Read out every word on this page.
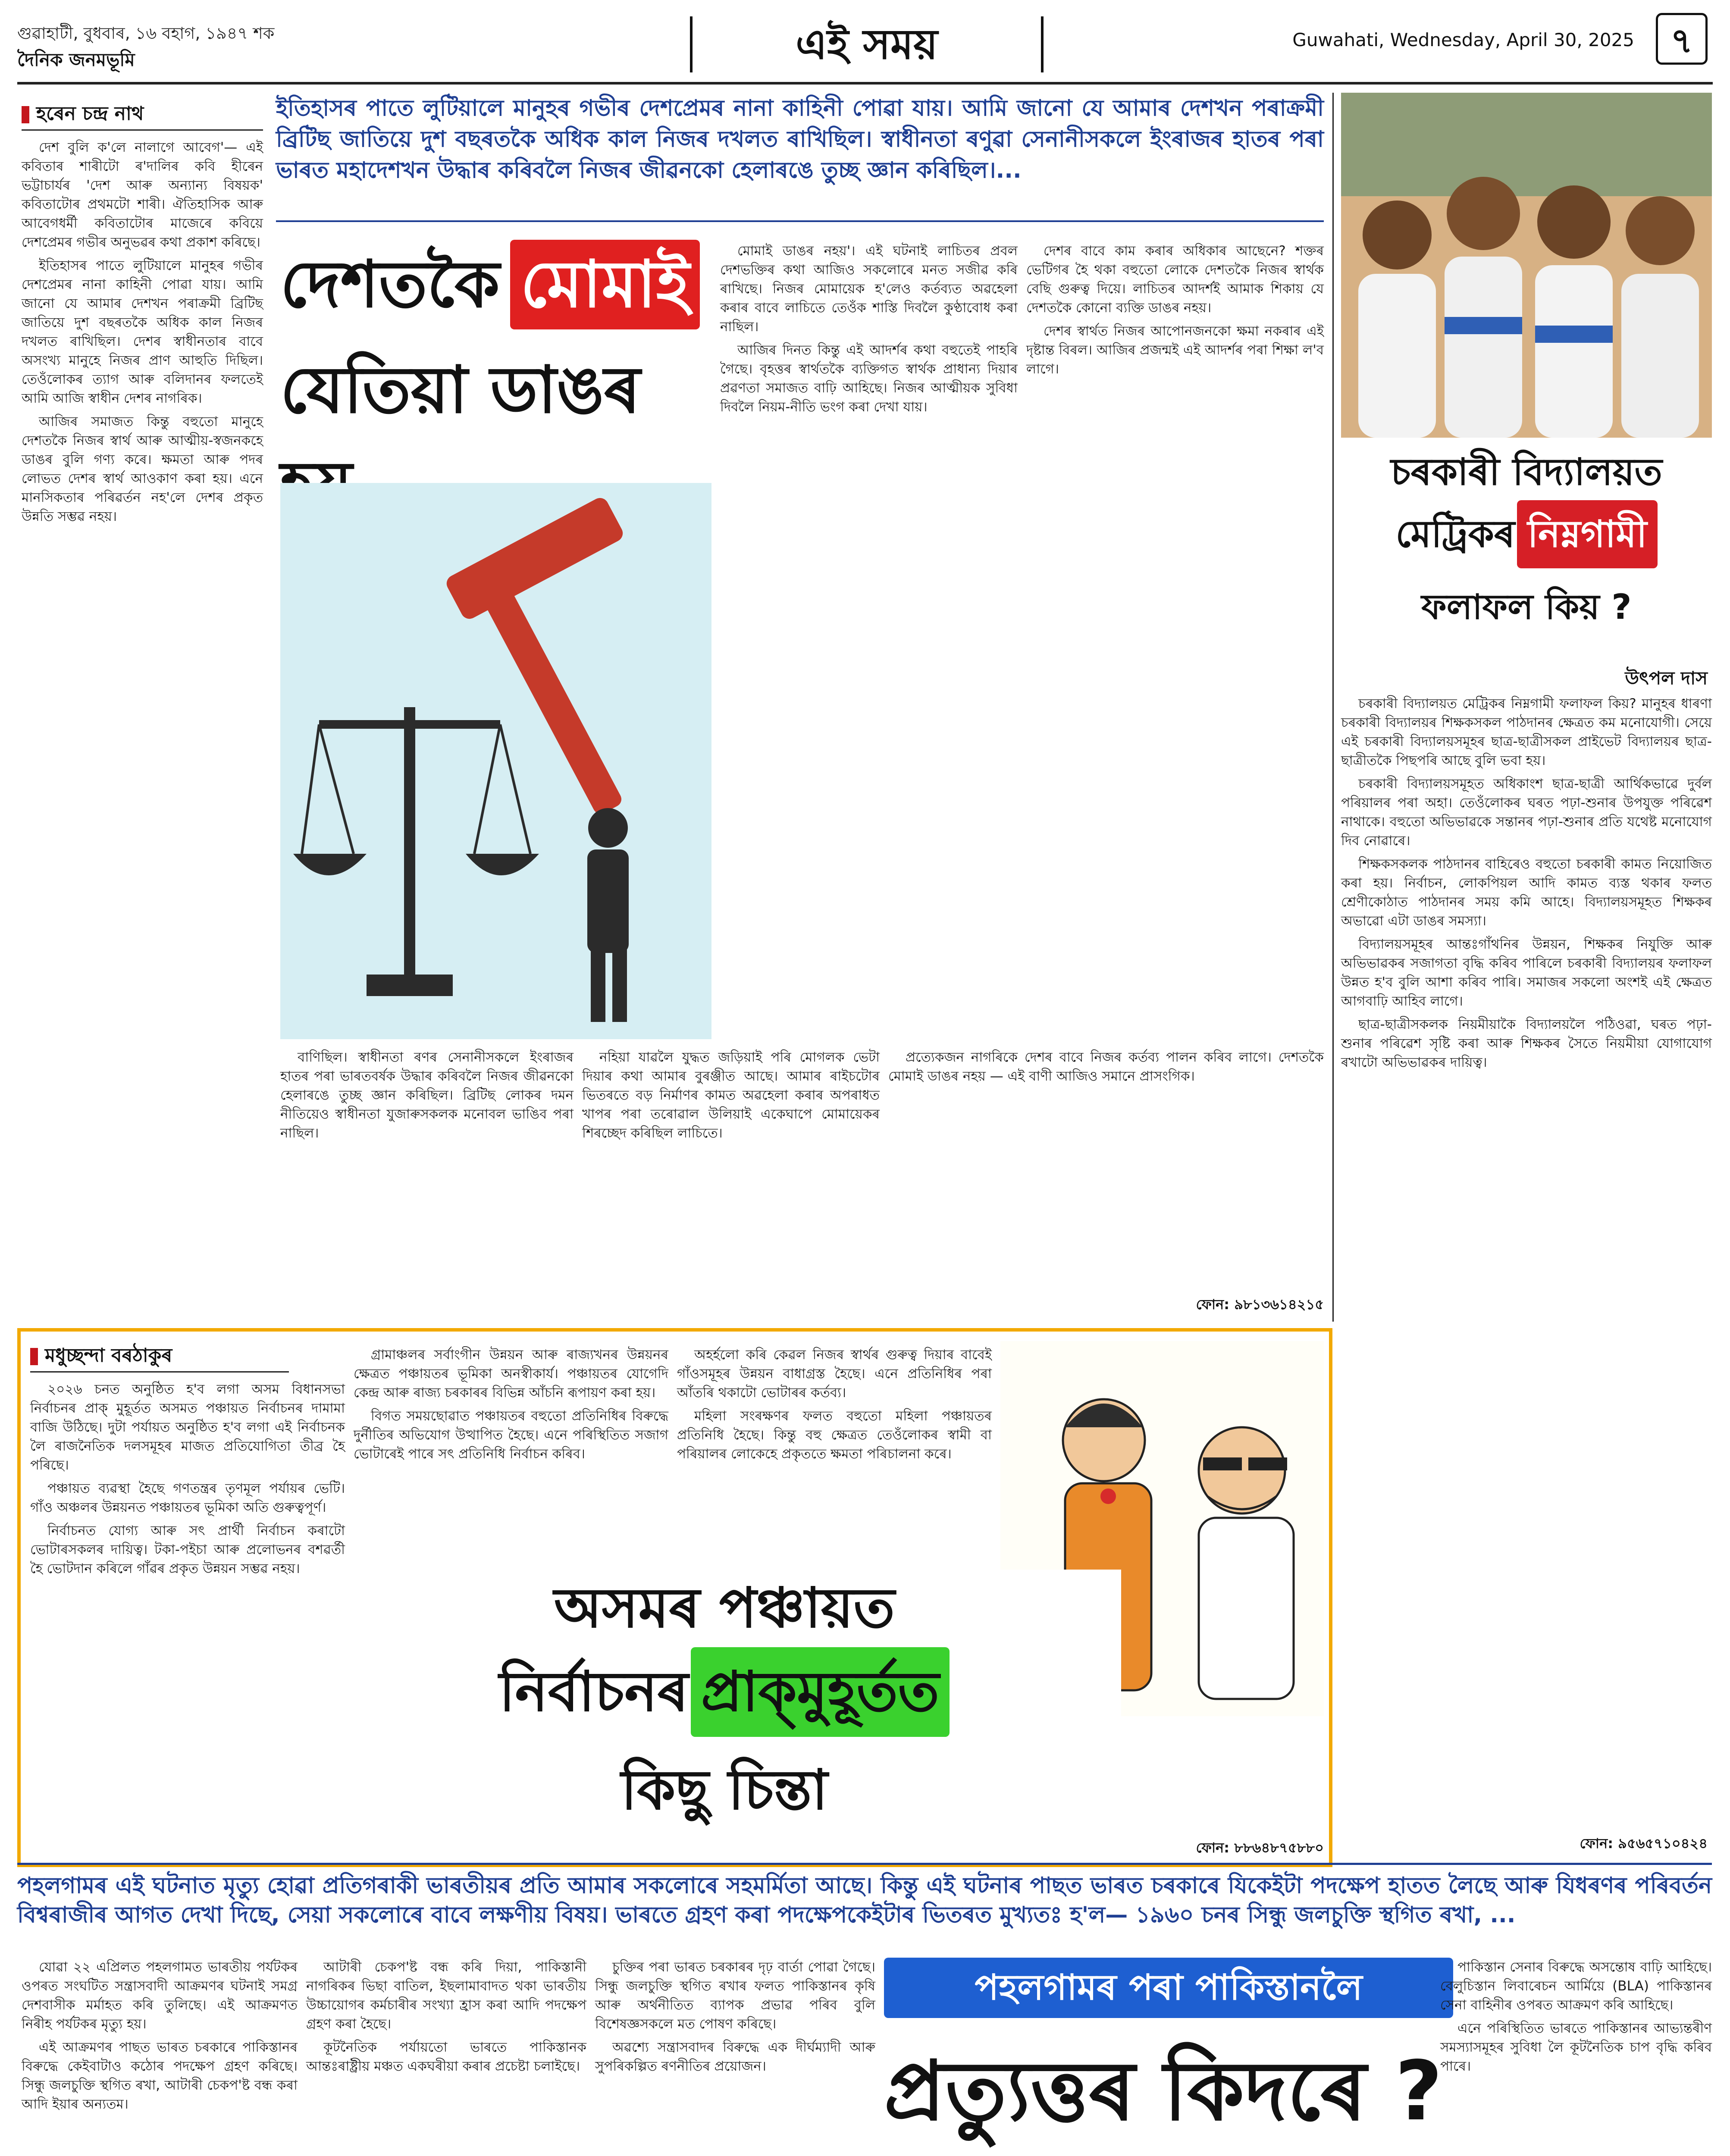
গুৱাহাটী, বুধবাৰ, ১৬ বহাগ, ১৯৪৭ শক
দৈনিক জনমভূমি	এই সময়	Guwahati, Wednesday, April 30, 2025	৭
হৰেন চন্দ্ৰ নাথ	ইতিহাসৰ পাতে লুটিয়ালে মানুহৰ গভীৰ দেশপ্ৰেমৰ নানা কাহিনী পোৱা যায়। আমি জানো যে আমাৰ দেশখন পৰাক্ৰমী ব্ৰিটিছ জাতিয়ে দুশ বছৰতকৈ অধিক কাল নিজৰ দখলত ৰাখিছিল। স্বাধীনতা ৰণুৱা সেনানীসকলে ইংৰাজৰ হাতৰ পৰা ভাৰত মহাদেশখন উদ্ধাৰ কৰিবলৈ নিজৰ জীৱনকো হেলাৰঙে তুচ্ছ জ্ঞান কৰিছিল।...

দেশ বুলি ক'লে নালাগে আবেগ'— এই কবিতাৰ শাৰীটো ৰ'দালিৰ কবি হীৰেন ভট্টাচাৰ্যৰ 'দেশ আৰু অন্যান্য বিষয়ক' কবিতাটোৰ প্ৰথমটো শাৰী। ঐতিহাসিক আৰু আবেগধৰ্মী কবিতাটোৰ মাজেৰে কবিয়ে দেশপ্ৰেমৰ গভীৰ অনুভৱৰ কথা প্ৰকাশ কৰিছে।

ইতিহাসৰ পাতে লুটিয়ালে মানুহৰ গভীৰ দেশপ্ৰেমৰ নানা কাহিনী পোৱা যায়। আমি জানো যে আমাৰ দেশখন পৰাক্ৰমী ব্ৰিটিছ জাতিয়ে দুশ বছৰতকৈ অধিক কাল নিজৰ দখলত ৰাখিছিল। দেশৰ স্বাধীনতাৰ বাবে অসংখ্য মানুহে নিজৰ প্ৰাণ আহুতি দিছিল। তেওঁলোকৰ ত্যাগ আৰু বলিদানৰ ফলতেই আমি আজি স্বাধীন দেশৰ নাগৰিক।

আজিৰ সমাজত কিন্তু বহুতো মানুহে দেশতকৈ নিজৰ স্বাৰ্থ আৰু আত্মীয়-স্বজনকহে ডাঙৰ বুলি গণ্য কৰে। ক্ষমতা আৰু পদৰ লোভত দেশৰ স্বাৰ্থ আওকাণ কৰা হয়। এনে মানসিকতাৰ পৰিৱৰ্তন নহ'লে দেশৰ প্ৰকৃত উন্নতি সম্ভৱ নহয়।

দেশতকৈ মোমাই
যেতিয়া ডাঙৰ

মোমাই ডাঙৰ নহয়'। এই ঘটনাই লাচিতৰ প্ৰবল দেশভক্তিৰ কথা আজিও সকলোৰে মনত সজীৱ কৰি ৰাখিছে। নিজৰ মোমায়েক হ'লেও কৰ্তব্যত অৱহেলা কৰাৰ বাবে লাচিতে তেওঁক শাস্তি দিবলৈ কুণ্ঠাবোধ কৰা নাছিল।

আজিৰ দিনত কিন্তু এই আদৰ্শৰ কথা বহুতেই পাহৰি গৈছে। বৃহত্তৰ স্বাৰ্থতকৈ ব্যক্তিগত স্বাৰ্থক প্ৰাধান্য দিয়াৰ প্ৰৱণতা সমাজত বাঢ়ি আহিছে। নিজৰ আত্মীয়ক সুবিধা দিবলৈ নিয়ম-নীতি ভংগ কৰা দেখা যায়।

দেশৰ বাবে কাম কৰাৰ অধিকাৰ আছেনে? শক্তৰ ভেটিগৰ হৈ থকা বহুতো লোকে দেশতকৈ নিজৰ স্বাৰ্থক বেছি গুৰুত্ব দিয়ে। লাচিতৰ আদৰ্শই আমাক শিকায় যে দেশতকৈ কোনো ব্যক্তি ডাঙৰ নহয়।

দেশৰ স্বাৰ্থত নিজৰ আপোনজনকো ক্ষমা নকৰাৰ এই দৃষ্টান্ত বিৰল। আজিৰ প্ৰজন্মই এই আদৰ্শৰ পৰা শিক্ষা ল'ব লাগে।

বাণিছিল। স্বাধীনতা ৰণৰ সেনানীসকলে ইংৰাজৰ হাতৰ পৰা ভাৰতবৰ্ষক উদ্ধাৰ কৰিবলৈ নিজৰ জীৱনকো হেলাৰঙে তুচ্ছ জ্ঞান কৰিছিল। ব্ৰিটিছ লোকৰ দমন নীতিয়েও স্বাধীনতা যুজাৰুসকলক মনোবল ভাঙিব পৰা নাছিল।

নহিয়া যাৱলৈ যুদ্ধত জড়িয়াই পৰি মোগলক ভেটা দিয়াৰ কথা আমাৰ বুৰঞ্জীত আছে। আমাৰ ৰাইচটোৰ ভিতৰতে বড় নিৰ্মাণৰ কামত অৱহেলা কৰাৰ অপৰাধত খাপৰ পৰা তৰোৱাল উলিয়াই একেঘাপে মোমায়েকৰ শিৰচ্ছেদ কৰিছিল লাচিতে।

প্ৰত্যেকজন নাগৰিকে দেশৰ বাবে নিজৰ কৰ্তব্য পালন কৰিব লাগে। দেশতকৈ মোমাই ডাঙৰ নহয় — এই বাণী আজিও সমানে প্ৰাসংগিক।

ফোন: ৯৮১৩৬১৪২১৫
চৰকাৰী বিদ্যালয়ত
মেট্ৰিকৰ নিম্নগামী
ফলাফল কিয় ?
উৎপল দাস

চৰকাৰী বিদ্যালয়ত মেট্ৰিকৰ নিম্নগামী ফলাফল কিয়? মানুহৰ ধাৰণা চৰকাৰী বিদ্যালয়ৰ শিক্ষকসকল পাঠদানৰ ক্ষেত্ৰত কম মনোযোগী। সেয়ে এই চৰকাৰী বিদ্যালয়সমূহৰ ছাত্ৰ-ছাত্ৰীসকল প্ৰাইভেট বিদ্যালয়ৰ ছাত্ৰ-ছাত্ৰীতকৈ পিছপৰি আছে বুলি ভবা হয়।

চৰকাৰী বিদ্যালয়সমূহত অধিকাংশ ছাত্ৰ-ছাত্ৰী আৰ্থিকভাৱে দুৰ্বল পৰিয়ালৰ পৰা অহা। তেওঁলোকৰ ঘৰত পঢ়া-শুনাৰ উপযুক্ত পৰিৱেশ নাথাকে। বহুতো অভিভাৱকে সন্তানৰ পঢ়া-শুনাৰ প্ৰতি যথেষ্ট মনোযোগ দিব নোৱাৰে।

শিক্ষকসকলক পাঠদানৰ বাহিৰেও বহুতো চৰকাৰী কামত নিয়োজিত কৰা হয়। নিৰ্বাচন, লোকপিয়ল আদি কামত ব্যস্ত থকাৰ ফলত শ্ৰেণীকোঠাত পাঠদানৰ সময় কমি আহে। বিদ্যালয়সমূহত শিক্ষকৰ অভাৱো এটা ডাঙৰ সমস্যা।

বিদ্যালয়সমূহৰ আন্তঃগাঁথনিৰ উন্নয়ন, শিক্ষকৰ নিযুক্তি আৰু অভিভাৱকৰ সজাগতা বৃদ্ধি কৰিব পাৰিলে চৰকাৰী বিদ্যালয়ৰ ফলাফল উন্নত হ'ব বুলি আশা কৰিব পাৰি। সমাজৰ সকলো অংশই এই ক্ষেত্ৰত আগবাঢ়ি আহিব লাগে।

ছাত্ৰ-ছাত্ৰীসকলক নিয়মীয়াকৈ বিদ্যালয়লৈ পঠিওৱা, ঘৰত পঢ়া-শুনাৰ পৰিৱেশ সৃষ্টি কৰা আৰু শিক্ষকৰ সৈতে নিয়মীয়া যোগাযোগ ৰখাটো অভিভাৱকৰ দায়িত্ব।

ফোন: ৯৫৬৫৭১০৪২৪
মধুচ্ছন্দা বৰঠাকুৰ

২০২৬ চনত অনুষ্ঠিত হ'ব লগা অসম বিধানসভা নিৰ্বাচনৰ প্ৰাক্ মুহূৰ্তত অসমত পঞ্চায়ত নিৰ্বাচনৰ দামামা বাজি উঠিছে। দুটা পৰ্যায়ত অনুষ্ঠিত হ'ব লগা এই নিৰ্বাচনক লৈ ৰাজনৈতিক দলসমূহৰ মাজত প্ৰতিযোগিতা তীব্ৰ হৈ পৰিছে।

পঞ্চায়ত ব্যৱস্থা হৈছে গণতন্ত্ৰৰ তৃণমূল পৰ্যায়ৰ ভেটি। গাঁও অঞ্চলৰ উন্নয়নত পঞ্চায়তৰ ভূমিকা অতি গুৰুত্বপূৰ্ণ।

নিৰ্বাচনত যোগ্য আৰু সৎ প্ৰাৰ্থী নিৰ্বাচন কৰাটো ভোটাৰসকলৰ দায়িত্ব। টকা-পইচা আৰু প্ৰলোভনৰ বশৱৰ্তী হৈ ভোটদান কৰিলে গাঁৱৰ প্ৰকৃত উন্নয়ন সম্ভৱ নহয়।

গ্ৰামাঞ্চলৰ সৰ্বাংগীন উন্নয়ন আৰু ৰাজ্যখনৰ উন্নয়নৰ ক্ষেত্ৰত পঞ্চায়তৰ ভূমিকা অনস্বীকাৰ্য। পঞ্চায়তৰ যোগেদি কেন্দ্ৰ আৰু ৰাজ্য চৰকাৰৰ বিভিন্ন আঁচনি ৰূপায়ণ কৰা হয়।

বিগত সময়ছোৱাত পঞ্চায়তৰ বহুতো প্ৰতিনিধিৰ বিৰুদ্ধে দুৰ্নীতিৰ অভিযোগ উত্থাপিত হৈছে। এনে পৰিস্থিতিত সজাগ ভোটাৰেই পাৰে সৎ প্ৰতিনিধি নিৰ্বাচন কৰিব।

অহৰ্হলো কৰি কেৱল নিজৰ স্বাৰ্থৰ গুৰুত্ব দিয়াৰ বাবেই গাঁওসমূহৰ উন্নয়ন বাধাগ্ৰস্ত হৈছে। এনে প্ৰতিনিধিৰ পৰা আঁতৰি থকাটো ভোটাৰৰ কৰ্তব্য।

মহিলা সংৰক্ষণৰ ফলত বহুতো মহিলা পঞ্চায়তৰ প্ৰতিনিধি হৈছে। কিন্তু বহু ক্ষেত্ৰত তেওঁলোকৰ স্বামী বা পৰিয়ালৰ লোকেহে প্ৰকৃততে ক্ষমতা পৰিচালনা কৰে।

অসমৰ পঞ্চায়ত
নিৰ্বাচনৰ প্ৰাক্‌মুহূৰ্তত
কিছু চিন্তা
পহলগামৰ এই ঘটনাত মৃত্যু হোৱা প্ৰতিগৰাকী ভাৰতীয়ৰ প্ৰতি আমাৰ সকলোৰে সহমৰ্মিতা আছে। কিন্তু এই ঘটনাৰ পাছত ভাৰত চৰকাৰে যিকেইটা পদক্ষেপ হাতত লৈছে আৰু যিধৰণৰ পৰিবৰ্তন বিশ্বৰাজীৰ আগত দেখা দিছে, সেয়া সকলোৰে বাবে লক্ষণীয় বিষয়। ভাৰতে গ্ৰহণ কৰা পদক্ষেপকেইটাৰ ভিতৰত মুখ্যতঃ হ'ল— ১৯৬০ চনৰ সিন্ধু জলচুক্তি স্থগিত ৰখা, ...

যোৱা ২২ এপ্ৰিলত পহলগামত ভাৰতীয় পৰ্যটকৰ ওপৰত সংঘটিত সন্ত্ৰাসবাদী আক্ৰমণৰ ঘটনাই সমগ্ৰ দেশবাসীক মৰ্মাহত কৰি তুলিছে। এই আক্ৰমণত নিৰীহ পৰ্যটকৰ মৃত্যু হয়।

এই আক্ৰমণৰ পাছত ভাৰত চৰকাৰে পাকিস্তানৰ বিৰুদ্ধে কেইবাটাও কঠোৰ পদক্ষেপ গ্ৰহণ কৰিছে। সিন্ধু জলচুক্তি স্থগিত ৰখা, আটাৰী চেকপ'ষ্ট বন্ধ কৰা আদি ইয়াৰ অন্যতম।

আটাৰী চেকপ'ষ্ট বন্ধ কৰি দিয়া, পাকিস্তানী নাগৰিকৰ ভিছা বাতিল, ইছলামাবাদত থকা ভাৰতীয় উচ্চায়োগৰ কৰ্মচাৰীৰ সংখ্যা হ্ৰাস কৰা আদি পদক্ষেপ গ্ৰহণ কৰা হৈছে।

কূটনৈতিক পৰ্যায়তো ভাৰতে পাকিস্তানক আন্তঃৰাষ্ট্ৰীয় মঞ্চত একঘৰীয়া কৰাৰ প্ৰচেষ্টা চলাইছে।

চুক্তিৰ পৰা ভাৰত চৰকাৰৰ দৃঢ় বাৰ্তা পোৱা গৈছে। সিন্ধু জলচুক্তি স্থগিত ৰখাৰ ফলত পাকিস্তানৰ কৃষি আৰু অৰ্থনীতিত ব্যাপক প্ৰভাৱ পৰিব বুলি বিশেষজ্ঞসকলে মত পোষণ কৰিছে।

অৱশ্যে সন্ত্ৰাসবাদৰ বিৰুদ্ধে এক দীৰ্ঘম্যাদী আৰু সুপৰিকল্পিত ৰণনীতিৰ প্ৰয়োজন।

পহলগামৰ পৰা পাকিস্তানলৈ
প্ৰত্যুত্তৰ কিদৰে ?

পাকিস্তান সেনাৰ বিৰুদ্ধে অসন্তোষ বাঢ়ি আহিছে। বেলুচিস্তান লিবাৰেচন আৰ্মিয়ে (BLA) পাকিস্তানৰ সেনা বাহিনীৰ ওপৰত আক্ৰমণ কৰি আহিছে।

এনে পৰিস্থিতিত ভাৰতে পাকিস্তানৰ আভ্যন্তৰীণ সমস্যাসমূহৰ সুবিধা লৈ কূটনৈতিক চাপ বৃদ্ধি কৰিব পাৰে।

ফোন: ৮৮৬৪৮৭৫৮৮০
